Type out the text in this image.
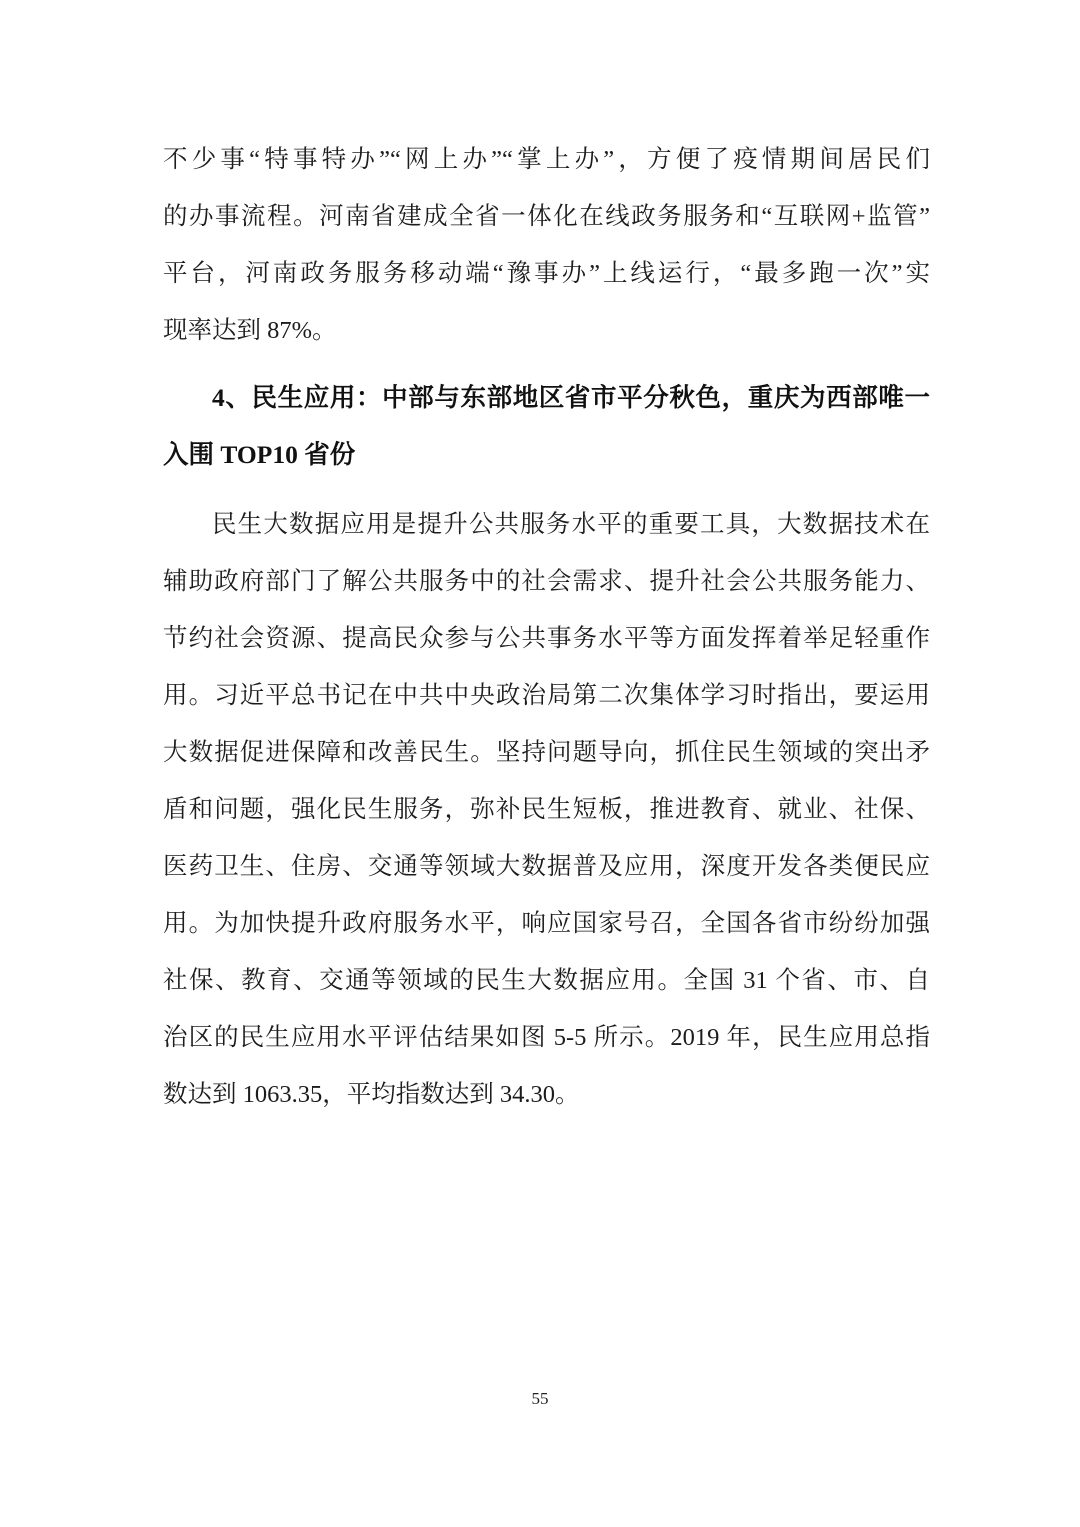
不少事“特事特办”“网上办”“掌上办”，方便了疫情期间居民们
的办事流程。河南省建成全省一体化在线政务服务和“互联网+监管”
平台，河南政务服务移动端“豫事办”上线运行，“最多跑一次”实
现率达到 87%。
4、民生应用：中部与东部地区省市平分秋色，重庆为西部唯一
入围 TOP10 省份
民生大数据应用是提升公共服务水平的重要工具，大数据技术在
辅助政府部门了解公共服务中的社会需求、提升社会公共服务能力、
节约社会资源、提高民众参与公共事务水平等方面发挥着举足轻重作
用。习近平总书记在中共中央政治局第二次集体学习时指出，要运用
大数据促进保障和改善民生。坚持问题导向，抓住民生领域的突出矛
盾和问题，强化民生服务，弥补民生短板，推进教育、就业、社保、
医药卫生、住房、交通等领域大数据普及应用，深度开发各类便民应
用。为加快提升政府服务水平，响应国家号召，全国各省市纷纷加强
社保、教育、交通等领域的民生大数据应用。全国 31 个省、市、自
治区的民生应用水平评估结果如图 5-5 所示。2019 年，民生应用总指
数达到 1063.35，平均指数达到 34.30。
55
